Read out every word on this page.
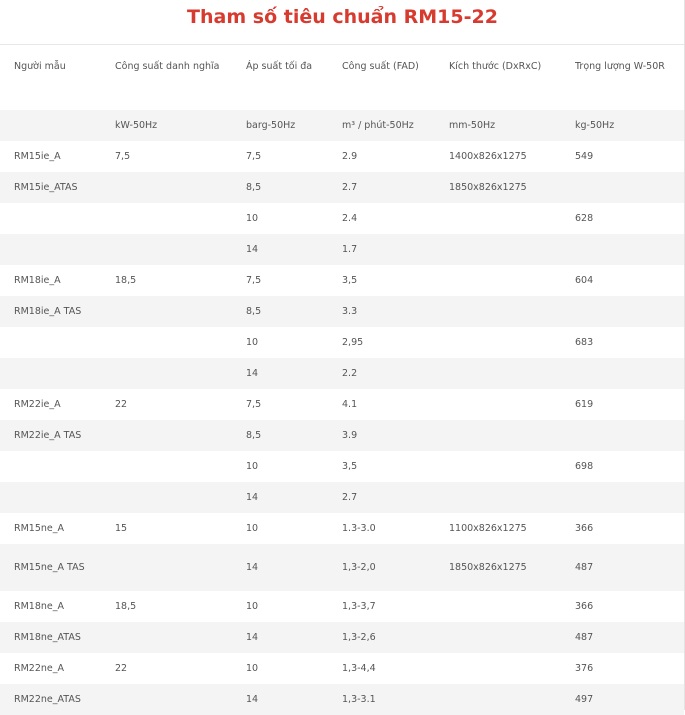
Tham số tiêu chuẩn RM15-22
Người mẫu	Công suất danh nghĩa	Áp suất tối đa	Công suất (FAD)	Kích thước (DxRxC)	Trọng lượng W-50R
	kW-50Hz	barg-50Hz	m³ / phút-50Hz	mm-50Hz	kg-50Hz
RM15ie_A	7,5	7,5	2.9	1400x826x1275	549
RM15ie_ATAS		8,5	2.7	1850x826x1275	
		10	2.4		628
		14	1.7		
RM18ie_A	18,5	7,5	3,5		604
RM18ie_A TAS		8,5	3.3		
		10	2,95		683
		14	2.2		
RM22ie_A	22	7,5	4.1		619
RM22ie_A TAS		8,5	3.9		
		10	3,5		698
		14	2.7		
RM15ne_A	15	10	1.3-3.0	1100x826x1275	366
RM15ne_A TAS		14	1,3-2,0	1850x826x1275	487
RM18ne_A	18,5	10	1,3-3,7		366
RM18ne_ATAS		14	1,3-2,6		487
RM22ne_A	22	10	1,3-4,4		376
RM22ne_ATAS		14	1,3-3.1		497
